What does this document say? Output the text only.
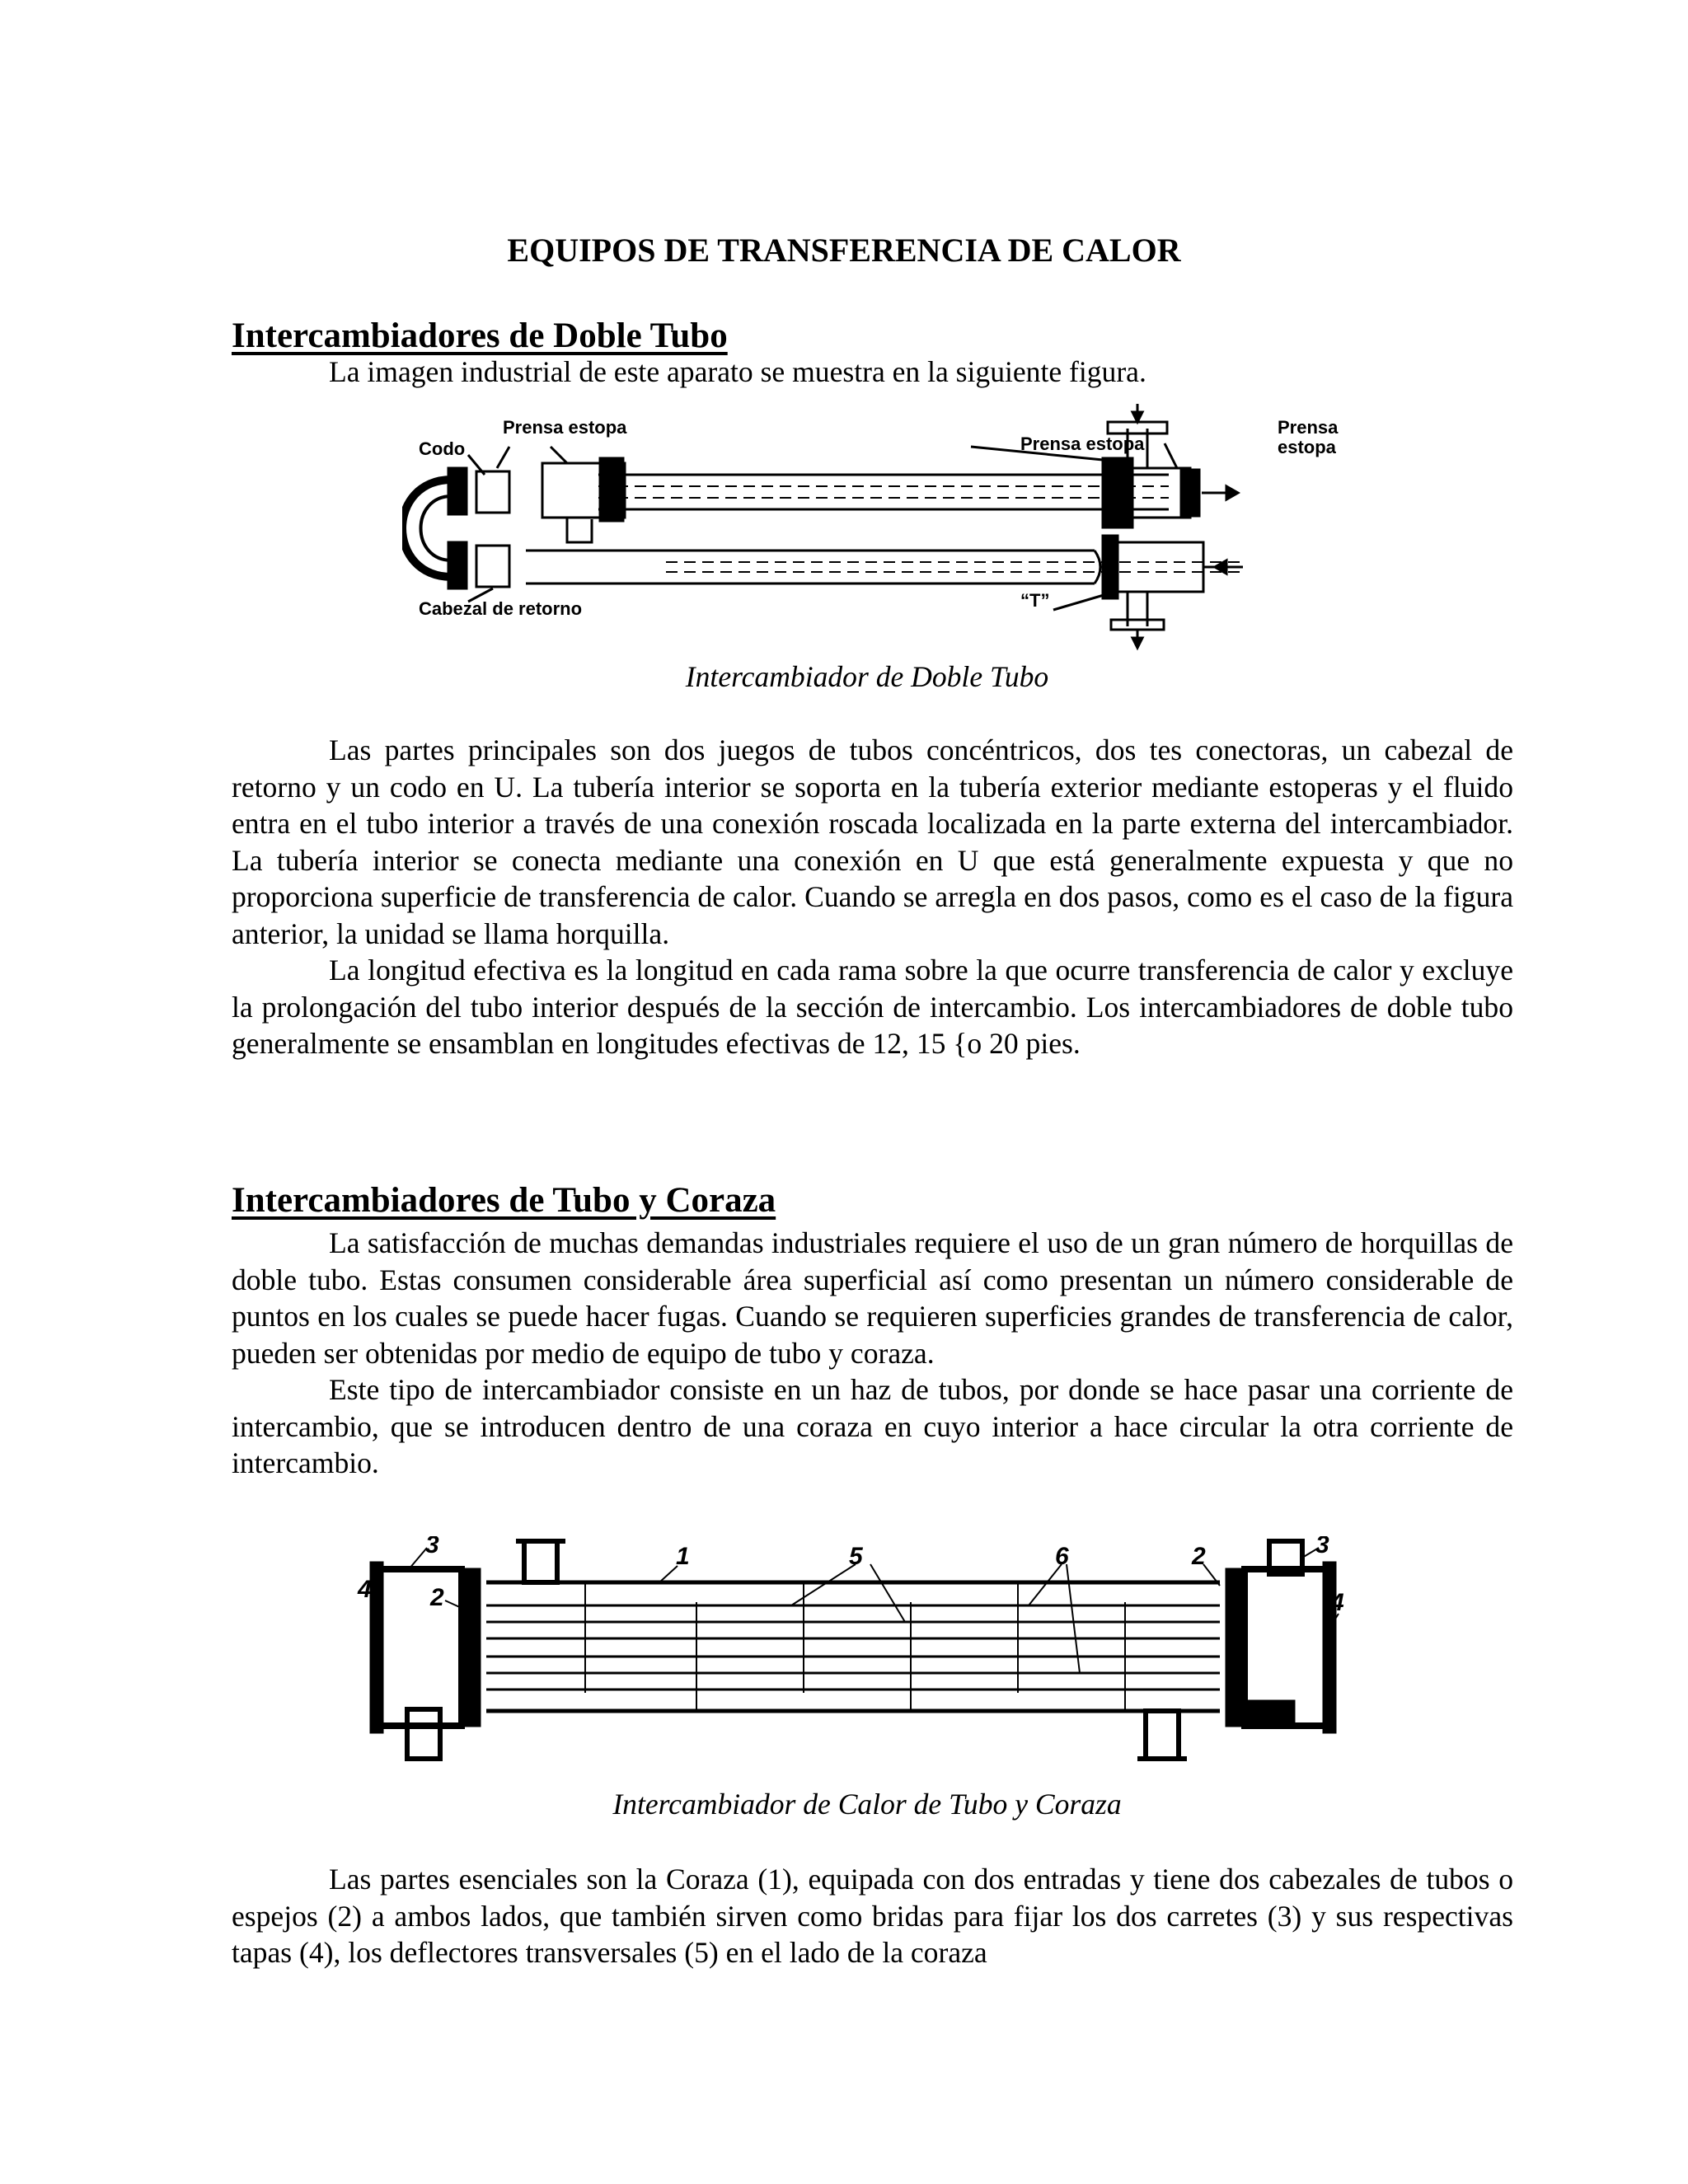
EQUIPOS DE TRANSFERENCIA DE CALOR
Intercambiadores de Doble Tubo
La imagen industrial de este aparato se muestra en la siguiente figura.
Codo
Prensa estopa
Prensa estopa
Prensa
estopa
Cabezal de retorno	“T”
Intercambiador de Doble Tubo

Las partes principales son dos juegos de tubos concéntricos, dos tes conectoras, un cabezal de retorno y un codo en U. La tubería interior se soporta en la tubería exterior mediante estoperas y el fluido entra en el tubo interior a través de una conexión roscada localizada en la parte externa del intercambiador. La tubería interior se conecta mediante una conexión en U que está generalmente expuesta y que no proporciona superficie de transferencia de calor. Cuando se arregla en dos pasos, como es el caso de la figura anterior, la unidad se llama horquilla.

La longitud efectiva es la longitud en cada rama sobre la que ocurre transferencia de calor y excluye la prolongación del tubo interior después de la sección de intercambio. Los intercambiadores de doble tubo generalmente se ensamblan en longitudes efectivas de 12, 15 {o 20 pies.

Intercambiadores de Tubo y Coraza

La satisfacción de muchas demandas industriales requiere el uso de un gran número de horquillas de doble tubo. Estas consumen considerable área superficial así como presentan un número considerable de puntos en los cuales se puede hacer fugas. Cuando se requieren superficies grandes de transferencia de calor, pueden ser obtenidas por medio de equipo de tubo y coraza.

Este tipo de intercambiador consiste en un haz de tubos, por donde se hace pasar una corriente de intercambio, que se introducen dentro de una coraza en cuyo interior a hace circular la otra corriente de intercambio.

1	5	6	2
2
3	3
4	4
Intercambiador de Calor de Tubo y Coraza

Las partes esenciales son la Coraza (1), equipada con dos entradas y tiene dos cabezales de tubos o espejos (2) a ambos lados, que también sirven como bridas para fijar los dos carretes (3) y sus respectivas tapas (4), los deflectores transversales (5) en el lado de la coraza
